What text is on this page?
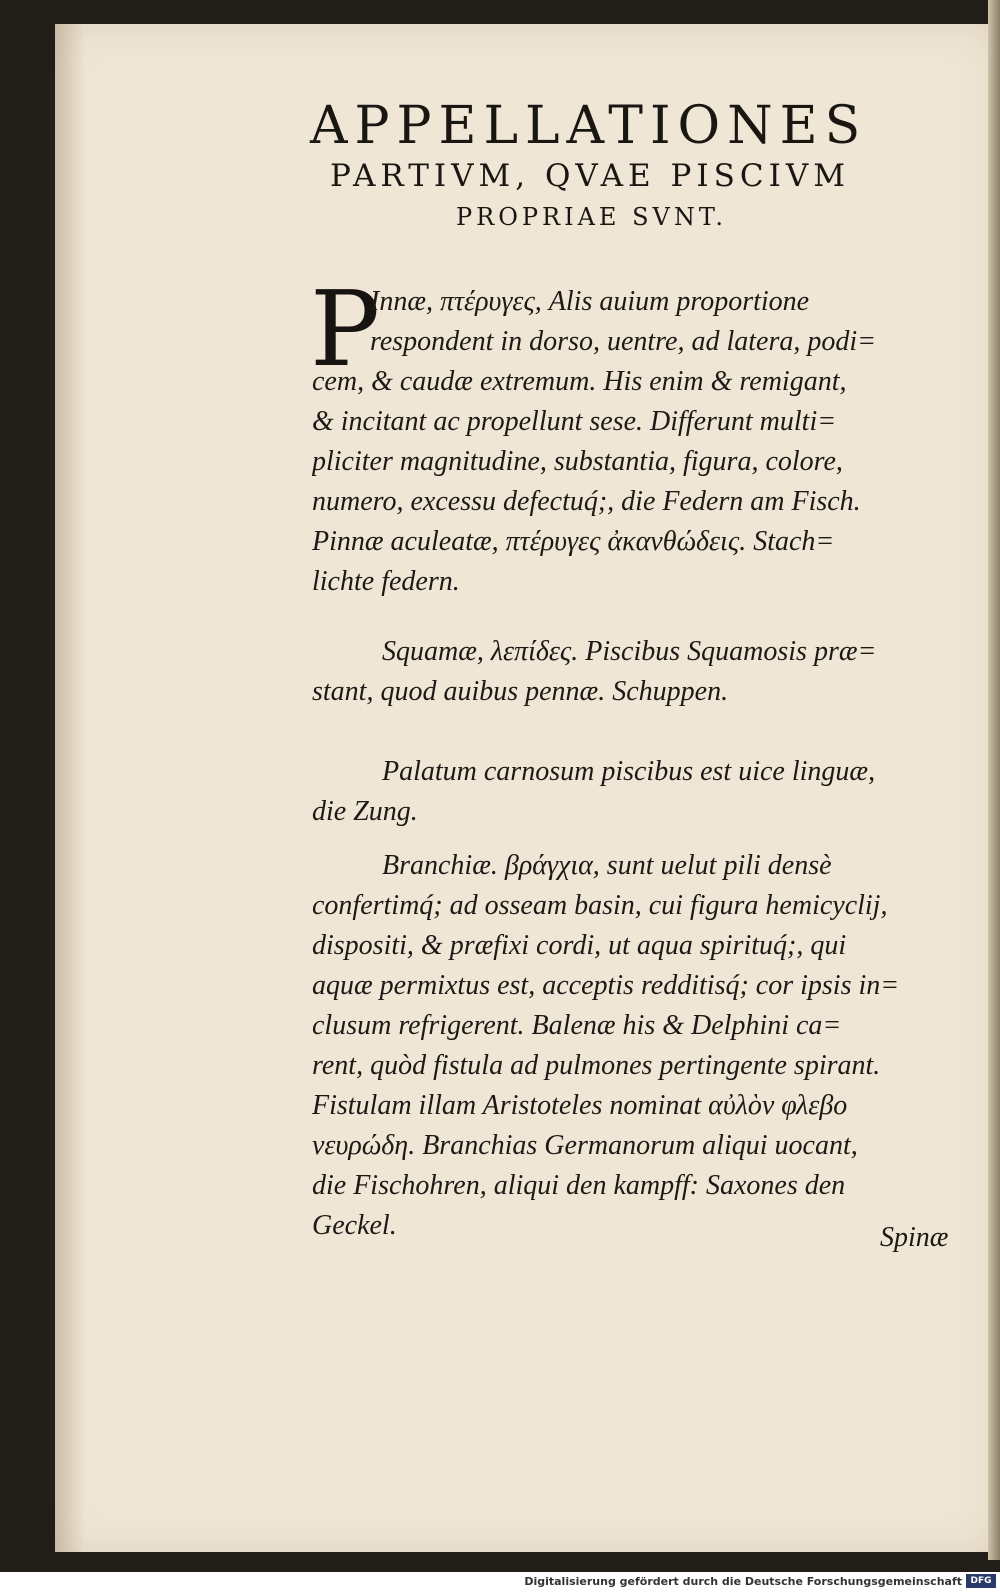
APPELLATIONES
PARTIVM, QVAE PISCIVM
PROPRIAE SVNT.
P
Innæ, πτέρυγες, Alis auium proportione
respondent in dorso, uentre, ad latera, podi=
cem, & caudæ extremum. His enim & remigant,
& incitant ac propellunt sese. Differunt multi=
pliciter magnitudine, substantia, figura, colore,
numero, excessu defectuq́;, die Federn am Fisch.
Pinnæ aculeatæ, πτέρυγες ἀκανθώδεις. Stach=
lichte federn.
Squamæ, λεπίδες. Piscibus Squamosis præ=
stant, quod auibus pennæ. Schuppen.
Palatum carnosum piscibus est uice linguæ,
die Zung.
Branchiæ. βράγχια, sunt uelut pili densè
confertimq́; ad osseam basin, cui figura hemicyclij,
dispositi, & præfixi cordi, ut aqua spirituq́;, qui
aquæ permixtus est, acceptis redditisq́; cor ipsis in=
clusum refrigerent. Balenæ his & Delphini ca=
rent, quòd fistula ad pulmones pertingente spirant.
Fistulam illam Aristoteles nominat αὐλὸν φλεβο
νευρώδη. Branchias Germanorum aliqui uocant,
die Fischohren, aliqui den kampff: Saxones den
Geckel.	Spinæ
Digitalisierung gefördert durch die Deutsche Forschungsgemeinschaft DFG
